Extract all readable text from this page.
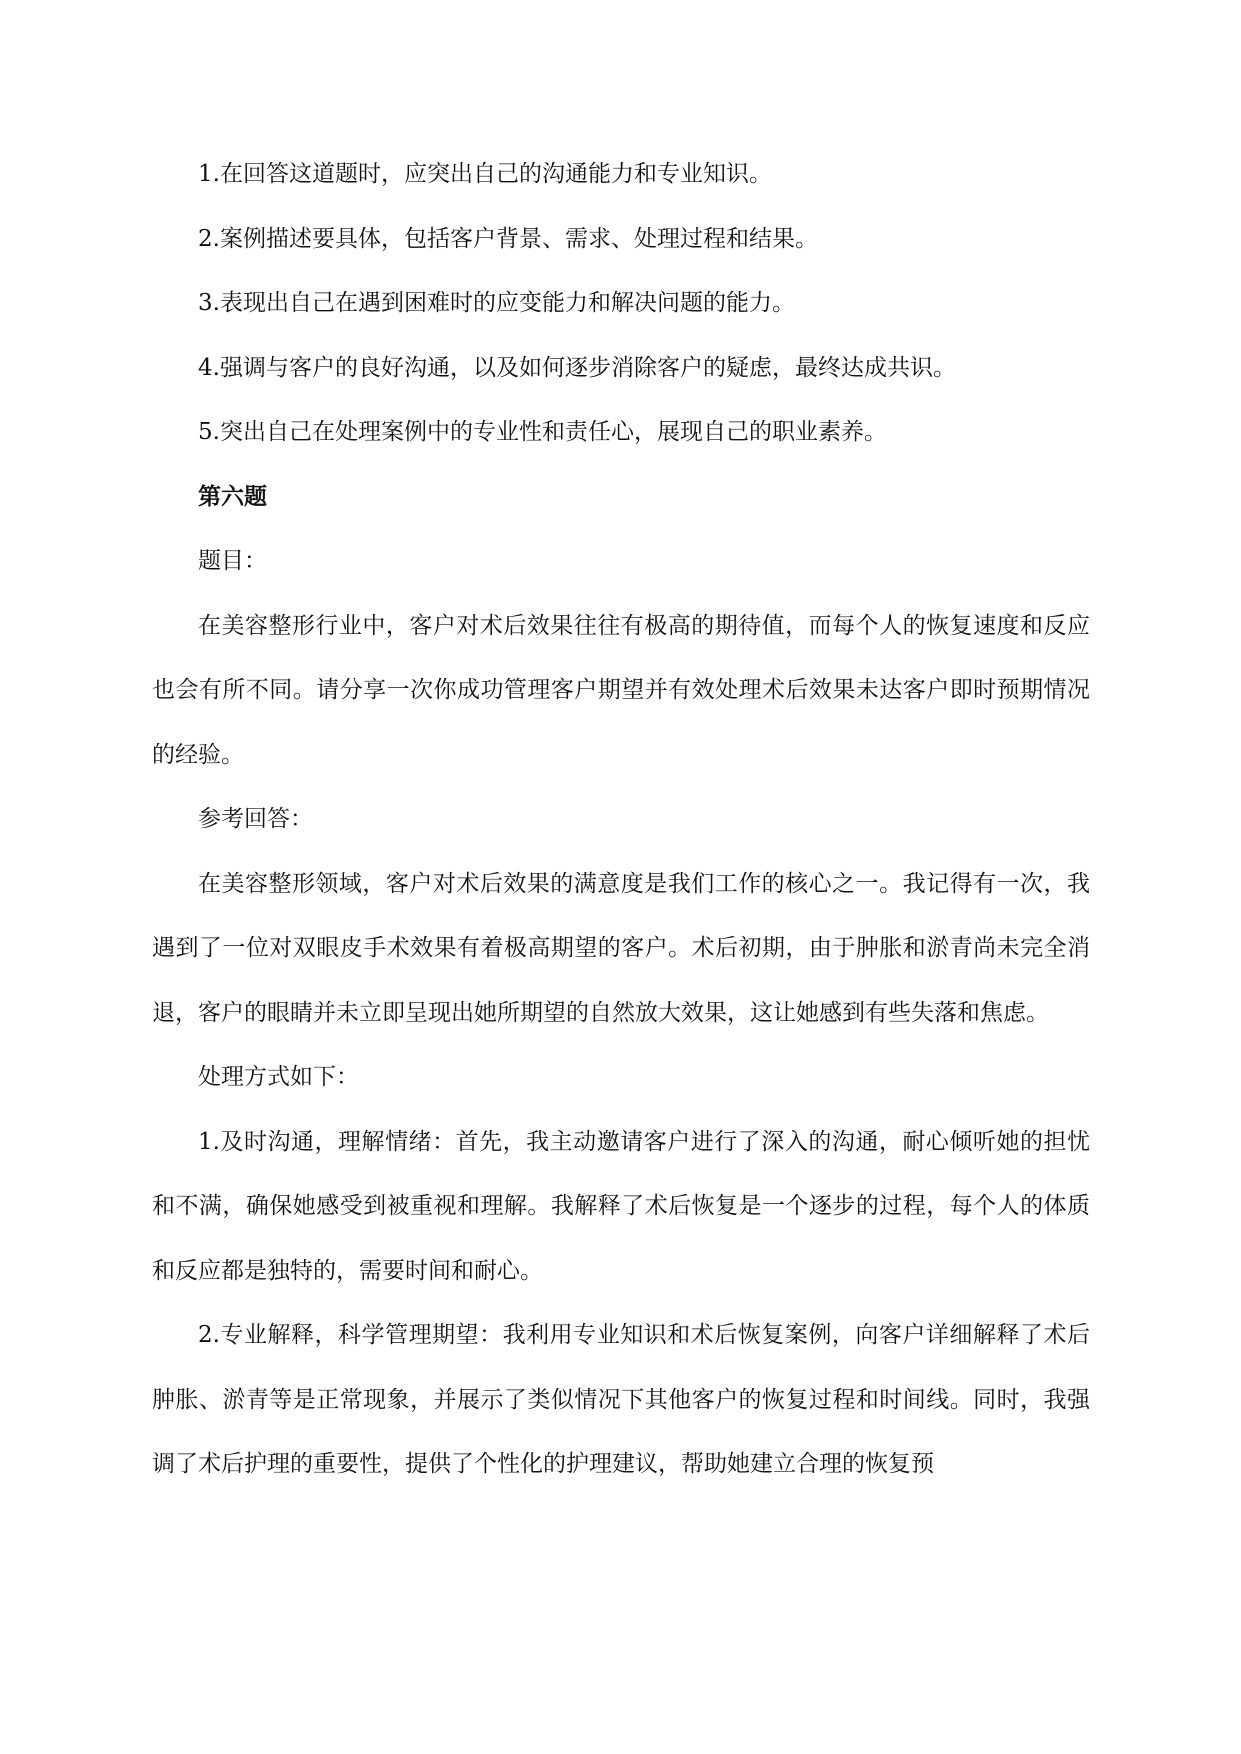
1.在回答这道题时，应突出自己的沟通能力和专业知识。

2.案例描述要具体，包括客户背景、需求、处理过程和结果。

3.表现出自己在遇到困难时的应变能力和解决问题的能力。

4.强调与客户的良好沟通，以及如何逐步消除客户的疑虑，最终达成共识。

5.突出自己在处理案例中的专业性和责任心，展现自己的职业素养。

第六题

题目：

在美容整形行业中，客户对术后效果往往有极高的期待值，而每个人的恢复速度和反应也会有所不同。请分享一次你成功管理客户期望并有效处理术后效果未达客户即时预期情况的经验。

参考回答：

在美容整形领域，客户对术后效果的满意度是我们工作的核心之一。我记得有一次，我遇到了一位对双眼皮手术效果有着极高期望的客户。术后初期，由于肿胀和淤青尚未完全消退，客户的眼睛并未立即呈现出她所期望的自然放大效果，这让她感到有些失落和焦虑。

处理方式如下：

1.及时沟通，理解情绪：首先，我主动邀请客户进行了深入的沟通，耐心倾听她的担忧和不满，确保她感受到被重视和理解。我解释了术后恢复是一个逐步的过程，每个人的体质和反应都是独特的，需要时间和耐心。

2.专业解释，科学管理期望：我利用专业知识和术后恢复案例，向客户详细解释了术后肿胀、淤青等是正常现象，并展示了类似情况下其他客户的恢复过程和时间线。同时，我强调了术后护理的重要性，提供了个性化的护理建议，帮助她建立合理的恢复预
